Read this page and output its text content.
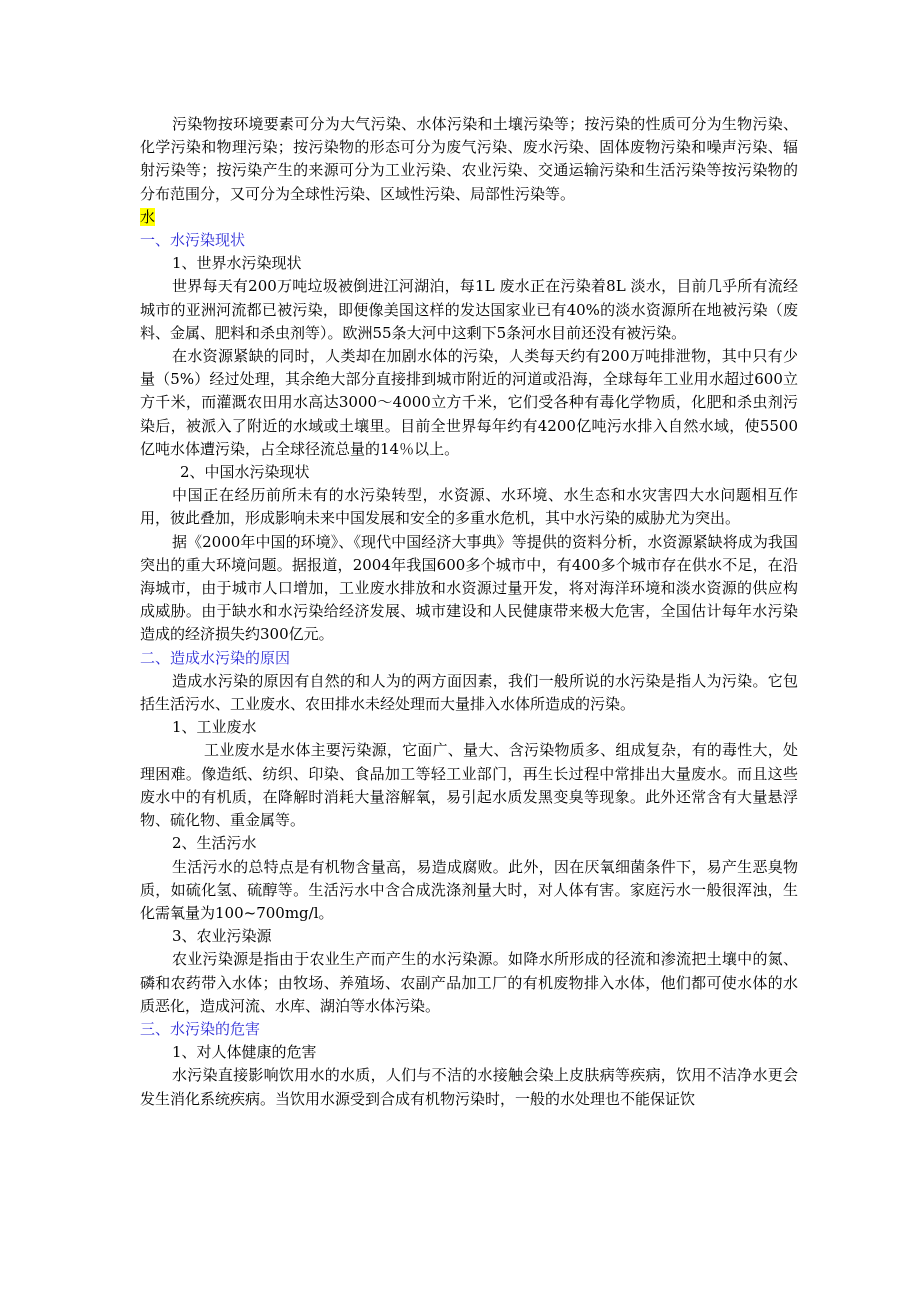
污染物按环境要素可分为大气污染、水体污染和土壤污染等；按污染的性质可分为生物污染、化学污染和物理污染；按污染物的形态可分为废气污染、废水污染、固体废物污染和噪声污染、辐射污染等；按污染产生的来源可分为工业污染、农业污染、交通运输污染和生活污染等按污染物的分布范围分，又可分为全球性污染、区域性污染、局部性污染等。

水

一、水污染现状

1、世界水污染现状

世界每天有200万吨垃圾被倒进江河湖泊，每1L 废水正在污染着8L 淡水，目前几乎所有流经城市的亚洲河流都已被污染，即便像美国这样的发达国家业已有40%的淡水资源所在地被污染（废料、金属、肥料和杀虫剂等）。欧洲55条大河中这剩下5条河水目前还没有被污染。

在水资源紧缺的同时，人类却在加剧水体的污染，人类每天约有200万吨排泄物，其中只有少量（5%）经过处理，其余绝大部分直接排到城市附近的河道或沿海，全球每年工业用水超过600立方千米，而灌溉农田用水高达3000～4000立方千米，它们受各种有毒化学物质，化肥和杀虫剂污染后，被派入了附近的水域或土壤里。目前全世界每年约有4200亿吨污水排入自然水域，使5500亿吨水体遭污染，占全球径流总量的14％以上。

2、中国水污染现状

中国正在经历前所未有的水污染转型，水资源、水环境、水生态和水灾害四大水问题相互作用，彼此叠加，形成影响未来中国发展和安全的多重水危机，其中水污染的威胁尤为突出。

据《2000年中国的环境》、《现代中国经济大事典》等提供的资料分析，水资源紧缺将成为我国突出的重大环境问题。据报道，2004年我国600多个城市中，有400多个城市存在供水不足，在沿海城市，由于城市人口增加，工业废水排放和水资源过量开发，将对海洋环境和淡水资源的供应构成威胁。由于缺水和水污染给经济发展、城市建设和人民健康带来极大危害，全国估计每年水污染造成的经济损失约300亿元。

二、造成水污染的原因

造成水污染的原因有自然的和人为的两方面因素，我们一般所说的水污染是指人为污染。它包括生活污水、工业废水、农田排水未经处理而大量排入水体所造成的污染。

1、工业废水

工业废水是水体主要污染源，它面广、量大、含污染物质多、组成复杂，有的毒性大，处理困难。像造纸、纺织、印染、食品加工等轻工业部门，再生长过程中常排出大量废水。而且这些废水中的有机质，在降解时消耗大量溶解氧，易引起水质发黑变臭等现象。此外还常含有大量悬浮物、硫化物、重金属等。

2、生活污水

生活污水的总特点是有机物含量高，易造成腐败。此外，因在厌氧细菌条件下，易产生恶臭物质，如硫化氢、硫醇等。生活污水中含合成洗涤剂量大时，对人体有害。家庭污水一般很浑浊，生化需氧量为100~700mg/l。

3、农业污染源

农业污染源是指由于农业生产而产生的水污染源。如降水所形成的径流和渗流把土壤中的氮、磷和农药带入水体；由牧场、养殖场、农副产品加工厂的有机废物排入水体，他们都可使水体的水质恶化，造成河流、水库、湖泊等水体污染。

三、水污染的危害

1、对人体健康的危害

水污染直接影响饮用水的水质，人们与不洁的水接触会染上皮肤病等疾病，饮用不洁净水更会发生消化系统疾病。当饮用水源受到合成有机物污染时，一般的水处理也不能保证饮
